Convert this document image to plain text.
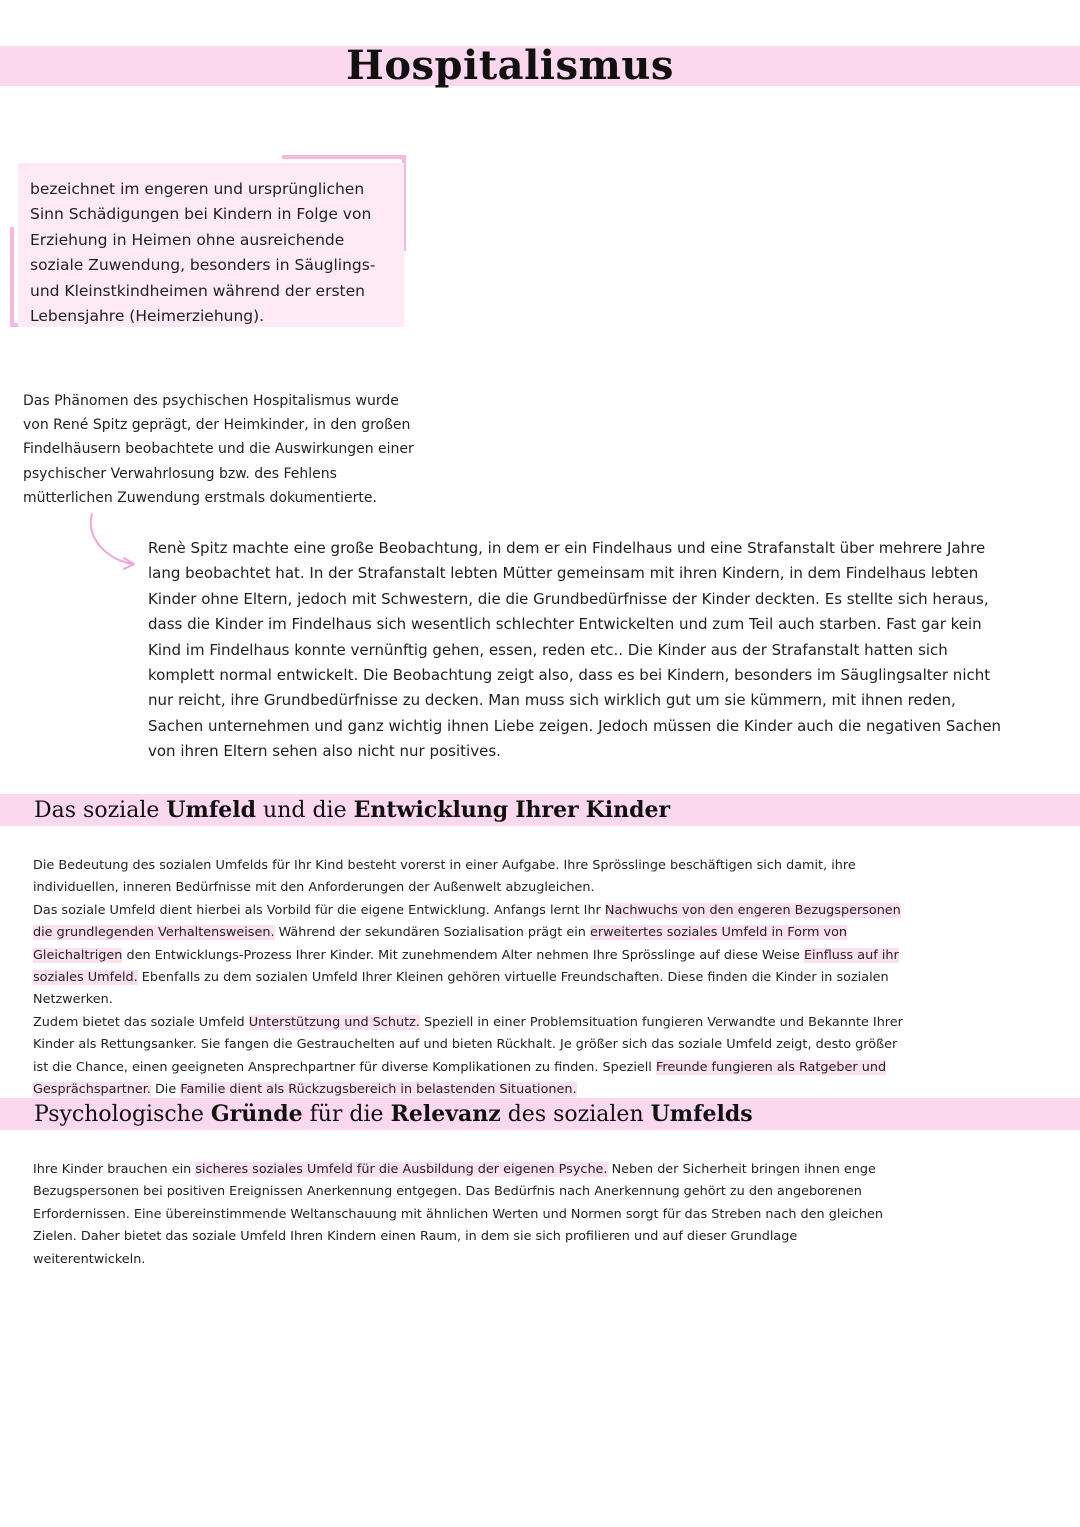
Hospitalismus
bezeichnet im engeren und ursprünglichen Sinn Schädigungen bei Kindern in Folge von Erziehung in Heimen ohne ausreichende soziale Zuwendung, besonders in Säuglings- und Kleinstkindheimen während der ersten Lebensjahre (Heimerziehung).
Das Phänomen des psychischen Hospitalismus wurde von René Spitz geprägt, der Heimkinder, in den großen Findelhäusern beobachtete und die Auswirkungen einer psychischer Verwahrlosung bzw. des Fehlens mütterlichen Zuwendung erstmals dokumentierte.
Renè Spitz machte eine große Beobachtung, in dem er ein Findelhaus und eine Strafanstalt über mehrere Jahre lang beobachtet hat. In der Strafanstalt lebten Mütter gemeinsam mit ihren Kindern, in dem Findelhaus lebten Kinder ohne Eltern, jedoch mit Schwestern, die die Grundbedürfnisse der Kinder deckten. Es stellte sich heraus, dass die Kinder im Findelhaus sich wesentlich schlechter Entwickelten und zum Teil auch starben. Fast gar kein Kind im Findelhaus konnte vernünftig gehen, essen, reden etc.. Die Kinder aus der Strafanstalt hatten sich komplett normal entwickelt. Die Beobachtung zeigt also, dass es bei Kindern, besonders im Säuglingsalter nicht nur reicht, ihre Grundbedürfnisse zu decken. Man muss sich wirklich gut um sie kümmern, mit ihnen reden, Sachen unternehmen und ganz wichtig ihnen Liebe zeigen. Jedoch müssen die Kinder auch die negativen Sachen von ihren Eltern sehen also nicht nur positives.
Das soziale Umfeld und die Entwicklung Ihrer Kinder
Die Bedeutung des sozialen Umfelds für Ihr Kind besteht vorerst in einer Aufgabe. Ihre Sprösslinge beschäftigen sich damit, ihre individuellen, inneren Bedürfnisse mit den Anforderungen der Außenwelt abzugleichen.
Das soziale Umfeld dient hierbei als Vorbild für die eigene Entwicklung. Anfangs lernt Ihr Nachwuchs von den engeren Bezugspersonen die grundlegenden Verhaltensweisen. Während der sekundären Sozialisation prägt ein erweitertes soziales Umfeld in Form von Gleichaltrigen den Entwicklungs-Prozess Ihrer Kinder. Mit zunehmendem Alter nehmen Ihre Sprösslinge auf diese Weise Einfluss auf ihr soziales Umfeld. Ebenfalls zu dem sozialen Umfeld Ihrer Kleinen gehören virtuelle Freundschaften. Diese finden die Kinder in sozialen Netzwerken.
Zudem bietet das soziale Umfeld Unterstützung und Schutz. Speziell in einer Problemsituation fungieren Verwandte und Bekannte Ihrer Kinder als Rettungsanker. Sie fangen die Gestrauchelten auf und bieten Rückhalt. Je größer sich das soziale Umfeld zeigt, desto größer ist die Chance, einen geeigneten Ansprechpartner für diverse Komplikationen zu finden. Speziell Freunde fungieren als Ratgeber und Gesprächspartner. Die Familie dient als Rückzugsbereich in belastenden Situationen.
Psychologische Gründe für die Relevanz des sozialen Umfelds
Ihre Kinder brauchen ein sicheres soziales Umfeld für die Ausbildung der eigenen Psyche. Neben der Sicherheit bringen ihnen enge Bezugspersonen bei positiven Ereignissen Anerkennung entgegen. Das Bedürfnis nach Anerkennung gehört zu den angeborenen Erfordernissen. Eine übereinstimmende Weltanschauung mit ähnlichen Werten und Normen sorgt für das Streben nach den gleichen Zielen. Daher bietet das soziale Umfeld Ihren Kindern einen Raum, in dem sie sich profilieren und auf dieser Grundlage weiterentwickeln.
